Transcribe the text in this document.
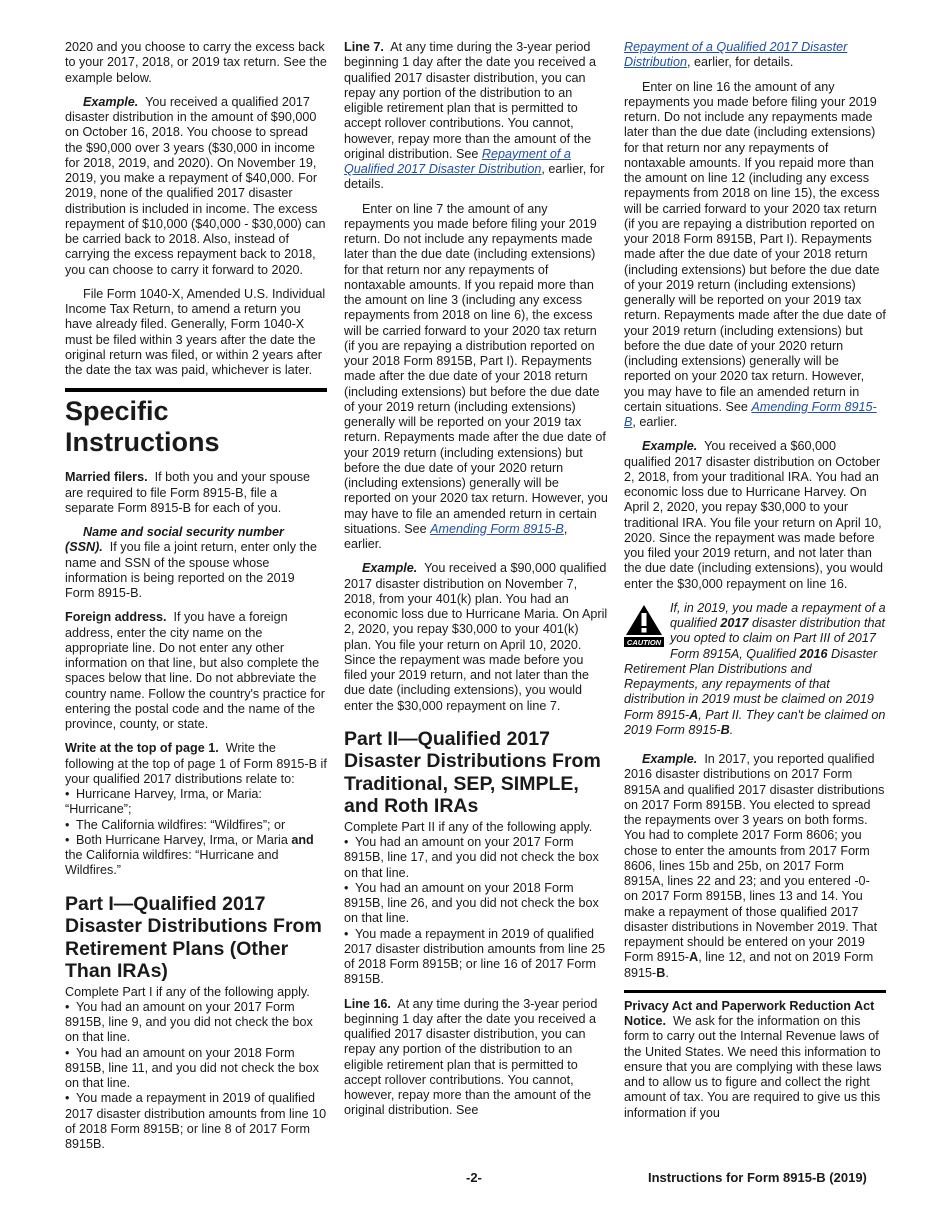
2020 and you choose to carry the excess back to your 2017, 2018, or 2019 tax return. See the example below.

Example. You received a qualified 2017 disaster distribution in the amount of $90,000 on October 16, 2018. You choose to spread the $90,000 over 3 years ($30,000 in income for 2018, 2019, and 2020). On November 19, 2019, you make a repayment of $40,000. For 2019, none of the qualified 2017 disaster distribution is included in income. The excess repayment of $10,000 ($40,000 - $30,000) can be carried back to 2018. Also, instead of carrying the excess repayment back to 2018, you can choose to carry it forward to 2020.

File Form 1040-X, Amended U.S. Individual Income Tax Return, to amend a return you have already filed. Generally, Form 1040-X must be filed within 3 years after the date the original return was filed, or within 2 years after the date the tax was paid, whichever is later.

Specific Instructions

Married filers. If both you and your spouse are required to file Form 8915-B, file a separate Form 8915-B for each of you.

Name and social security number (SSN). If you file a joint return, enter only the name and SSN of the spouse whose information is being reported on the 2019 Form 8915-B.

Foreign address. If you have a foreign address, enter the city name on the appropriate line. Do not enter any other information on that line, but also complete the spaces below that line. Do not abbreviate the country name. Follow the country's practice for entering the postal code and the name of the province, county, or state.

Write at the top of page 1. Write the following at the top of page 1 of Form 8915-B if your qualified 2017 distributions relate to:

• Hurricane Harvey, Irma, or Maria: “Hurricane”;
• The California wildfires: “Wildfires”; or
• Both Hurricane Harvey, Irma, or Maria and the California wildfires: “Hurricane and Wildfires.”
Part I—Qualified 2017 Disaster Distributions From Retirement Plans (Other Than IRAs)

Complete Part I if any of the following apply.

• You had an amount on your 2017 Form 8915B, line 9, and you did not check the box on that line.
• You had an amount on your 2018 Form 8915B, line 11, and you did not check the box on that line.
• You made a repayment in 2019 of qualified 2017 disaster distribution amounts from line 10 of 2018 Form 8915B; or line 8 of 2017 Form 8915B.

Line 7. At any time during the 3-year period beginning 1 day after the date you received a qualified 2017 disaster distribution, you can repay any portion of the distribution to an eligible retirement plan that is permitted to accept rollover contributions. You cannot, however, repay more than the amount of the original distribution. See Repayment of a Qualified 2017 Disaster Distribution, earlier, for details.

Enter on line 7 the amount of any repayments you made before filing your 2019 return. Do not include any repayments made later than the due date (including extensions) for that return nor any repayments of nontaxable amounts. If you repaid more than the amount on line 3 (including any excess repayments from 2018 on line 6), the excess will be carried forward to your 2020 tax return (if you are repaying a distribution reported on your 2018 Form 8915B, Part I). Repayments made after the due date of your 2018 return (including extensions) but before the due date of your 2019 return (including extensions) generally will be reported on your 2019 tax return. Repayments made after the due date of your 2019 return (including extensions) but before the due date of your 2020 return (including extensions) generally will be reported on your 2020 tax return. However, you may have to file an amended return in certain situations. See Amending Form 8915-B, earlier.

Example. You received a $90,000 qualified 2017 disaster distribution on November 7, 2018, from your 401(k) plan. You had an economic loss due to Hurricane Maria. On April 2, 2020, you repay $30,000 to your 401(k) plan. You file your return on April 10, 2020. Since the repayment was made before you filed your 2019 return, and not later than the due date (including extensions), you would enter the $30,000 repayment on line 7.

Part II—Qualified 2017 Disaster Distributions From Traditional, SEP, SIMPLE, and Roth IRAs

Complete Part II if any of the following apply.

• You had an amount on your 2017 Form 8915B, line 17, and you did not check the box on that line.
• You had an amount on your 2018 Form 8915B, line 26, and you did not check the box on that line.
• You made a repayment in 2019 of qualified 2017 disaster distribution amounts from line 25 of 2018 Form 8915B; or line 16 of 2017 Form 8915B.

Line 16. At any time during the 3-year period beginning 1 day after the date you received a qualified 2017 disaster distribution, you can repay any portion of the distribution to an eligible retirement plan that is permitted to accept rollover contributions. You cannot, however, repay more than the amount of the original distribution. See

Repayment of a Qualified 2017 Disaster Distribution, earlier, for details.

Enter on line 16 the amount of any repayments you made before filing your 2019 return. Do not include any repayments made later than the due date (including extensions) for that return nor any repayments of nontaxable amounts. If you repaid more than the amount on line 12 (including any excess repayments from 2018 on line 15), the excess will be carried forward to your 2020 tax return (if you are repaying a distribution reported on your 2018 Form 8915B, Part I). Repayments made after the due date of your 2018 return (including extensions) but before the due date of your 2019 return (including extensions) generally will be reported on your 2019 tax return. Repayments made after the due date of your 2019 return (including extensions) but before the due date of your 2020 return (including extensions) generally will be reported on your 2020 tax return. However, you may have to file an amended return in certain situations. See Amending Form 8915-B, earlier.

Example. You received a $60,000 qualified 2017 disaster distribution on October 2, 2018, from your traditional IRA. You had an economic loss due to Hurricane Harvey. On April 2, 2020, you repay $30,000 to your traditional IRA. You file your return on April 10, 2020. Since the repayment was made before you filed your 2019 return, and not later than the due date (including extensions), you would enter the $30,000 repayment on line 16.

CAUTION
If, in 2019, you made a repayment of a qualified 2017 disaster distribution that you opted to claim on Part III of 2017 Form 8915A, Qualified 2016 Disaster Retirement Plan Distributions and Repayments, any repayments of that distribution in 2019 must be claimed on 2019 Form 8915-A, Part II. They can't be claimed on 2019 Form 8915-B.

Example. In 2017, you reported qualified 2016 disaster distributions on 2017 Form 8915A and qualified 2017 disaster distributions on 2017 Form 8915B. You elected to spread the repayments over 3 years on both forms. You had to complete 2017 Form 8606; you chose to enter the amounts from 2017 Form 8606, lines 15b and 25b, on 2017 Form 8915A, lines 22 and 23; and you entered -0- on 2017 Form 8915B, lines 13 and 14. You make a repayment of those qualified 2017 disaster distributions in November 2019. That repayment should be entered on your 2019 Form 8915-A, line 12, and not on 2019 Form 8915-B.

Privacy Act and Paperwork Reduction Act Notice. We ask for the information on this form to carry out the Internal Revenue laws of the United States. We need this information to ensure that you are complying with these laws and to allow us to figure and collect the right amount of tax. You are required to give us this information if you

-2-	Instructions for Form 8915-B (2019)
